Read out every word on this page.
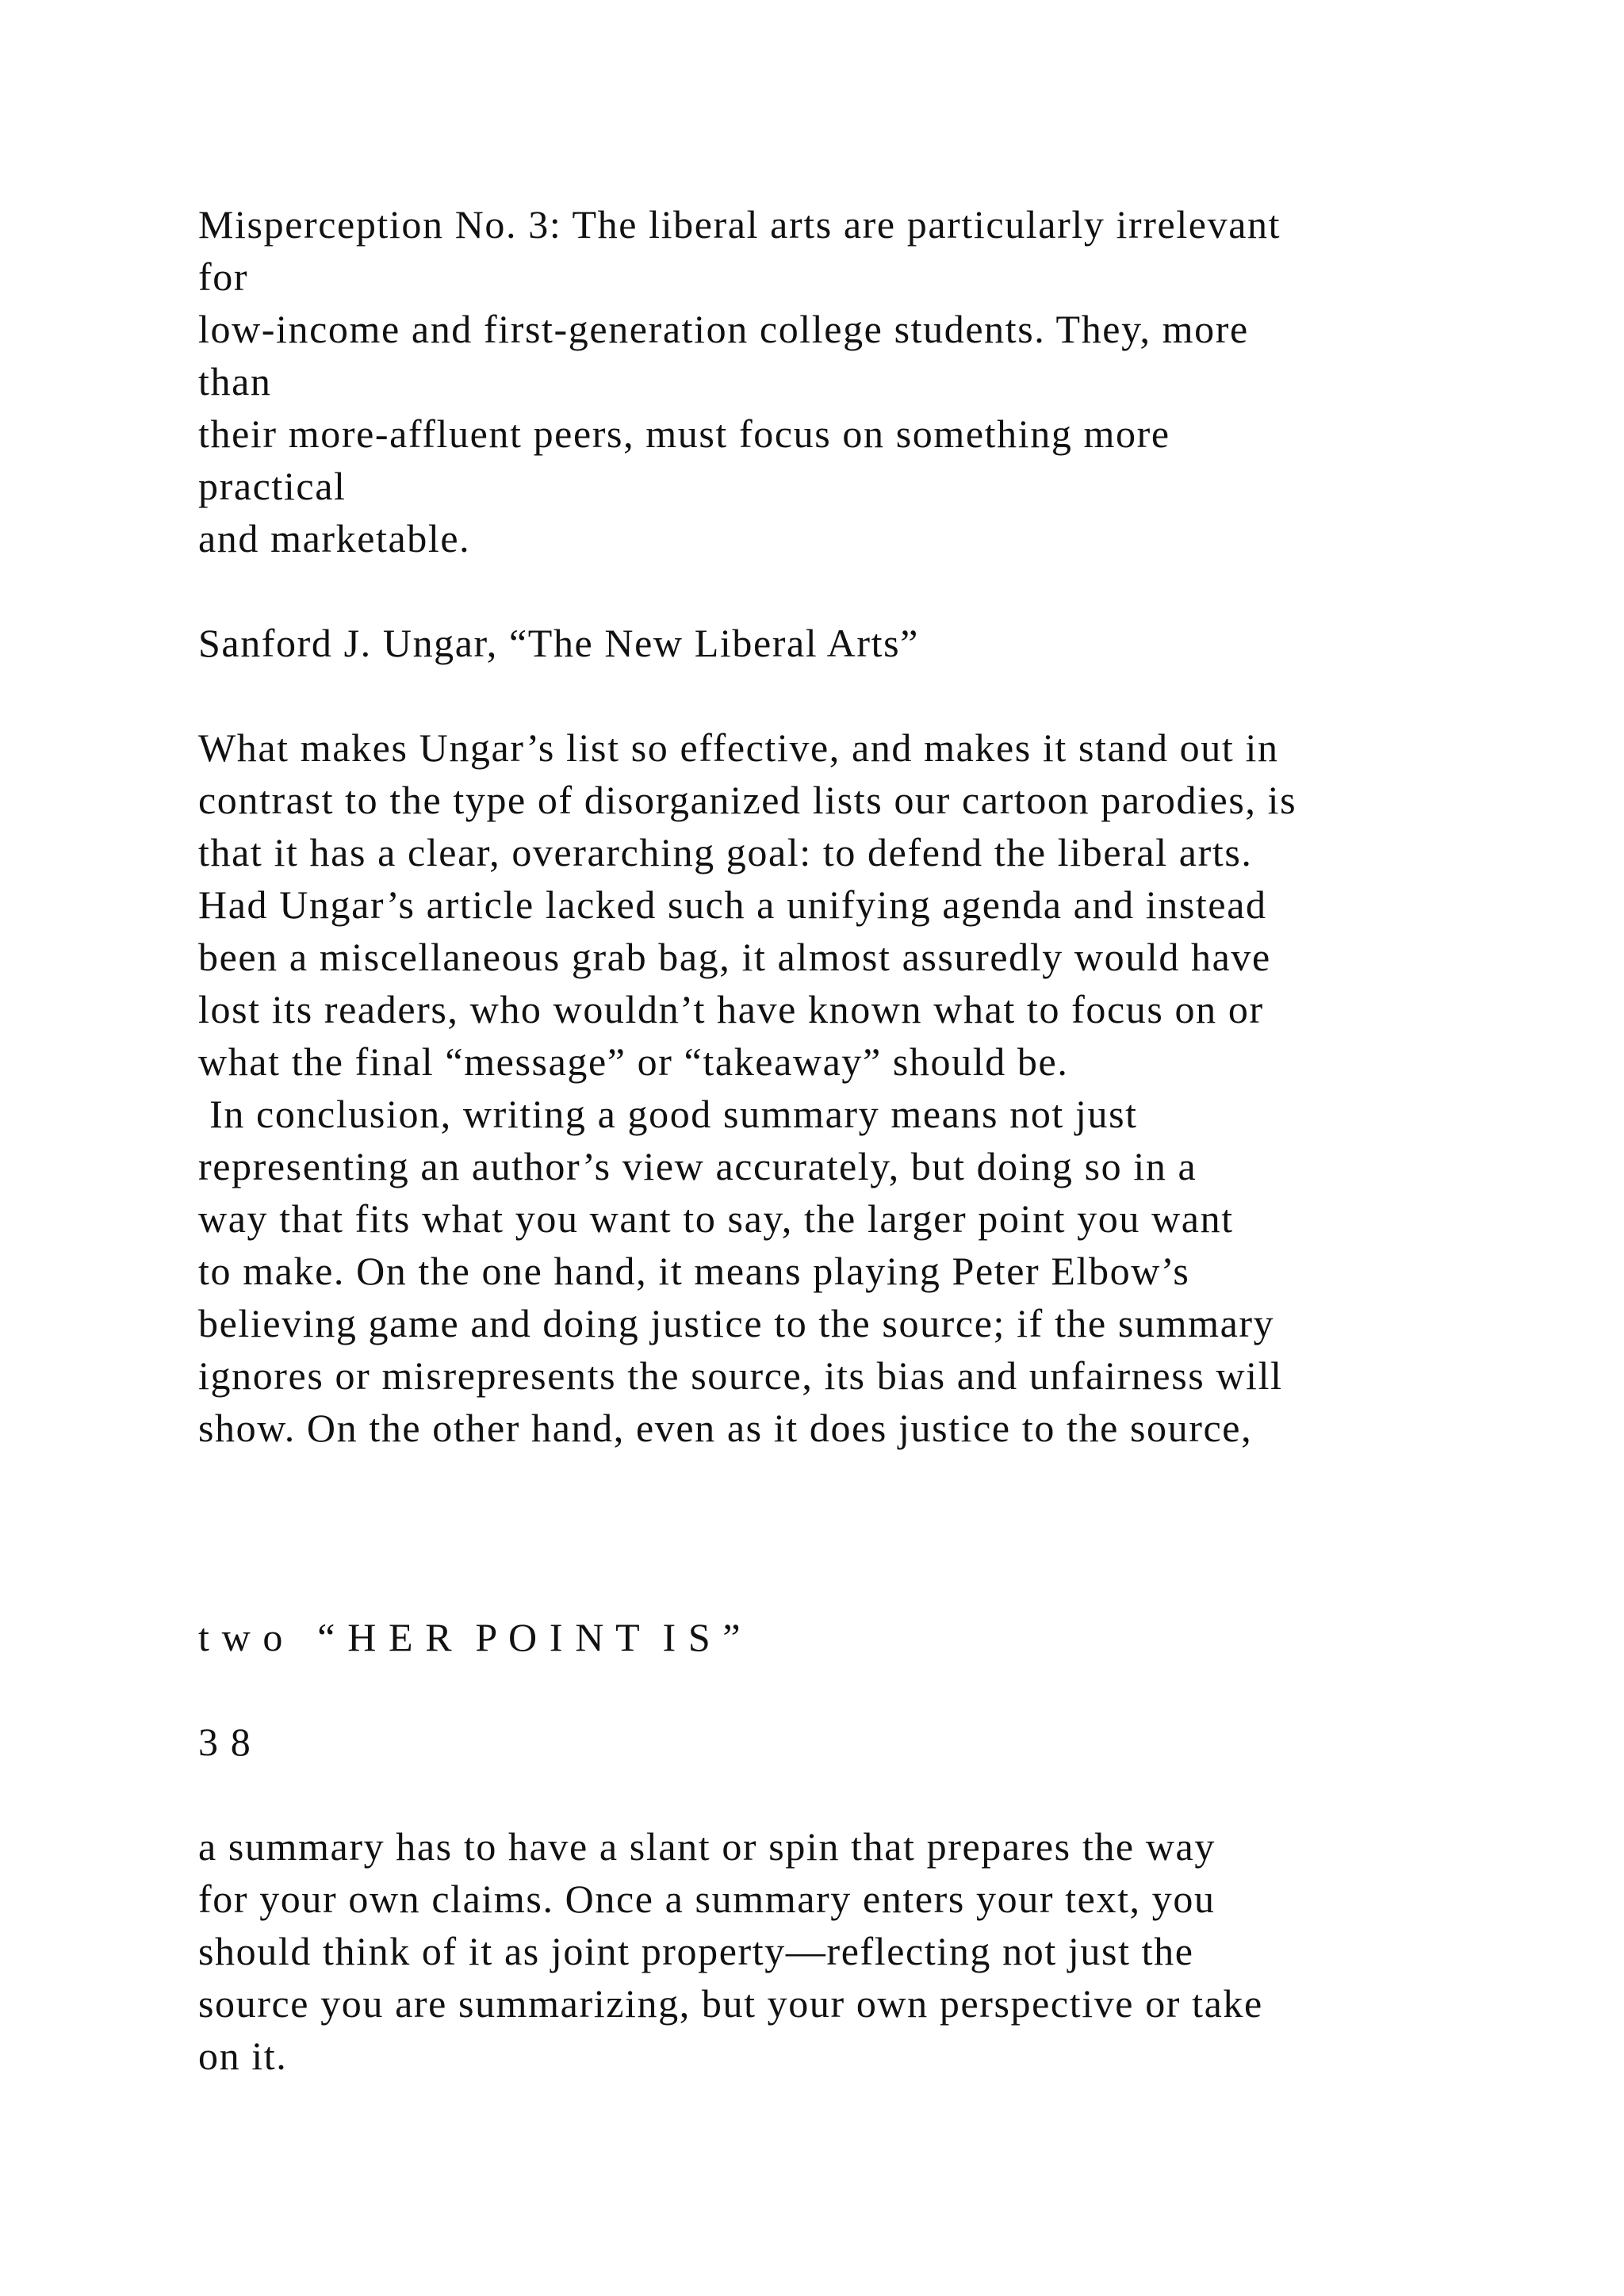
Misperception No. 3: The liberal arts are particularly irrelevant
for
low-income and first-generation college students. They, more
than
their more-affluent peers, must focus on something more
practical
and marketable.
Sanford J. Ungar, “The New Liberal Arts”
What makes Ungar’s list so effective, and makes it stand out in
contrast to the type of disorganized lists our cartoon parodies, is
that it has a clear, overarching goal: to defend the liberal arts.
Had Ungar’s article lacked such a unifying agenda and instead
been a miscellaneous grab bag, it almost assuredly would have
lost its readers, who wouldn’t have known what to focus on or
what the final “message” or “takeaway” should be.
In conclusion, writing a good summary means not just
representing an author’s view accurately, but doing so in a
way that fits what you want to say, the larger point you want
to make. On the one hand, it means playing Peter Elbow’s
believing game and doing justice to the source; if the summary
ignores or misrepresents the source, its bias and unfairness will
show. On the other hand, even as it does justice to the source,
t w o   “ H E R  P O I N T  I S ”
3 8
a summary has to have a slant or spin that prepares the way
for your own claims. Once a summary enters your text, you
should think of it as joint property—reflecting not just the
source you are summarizing, but your own perspective or take
on it.
